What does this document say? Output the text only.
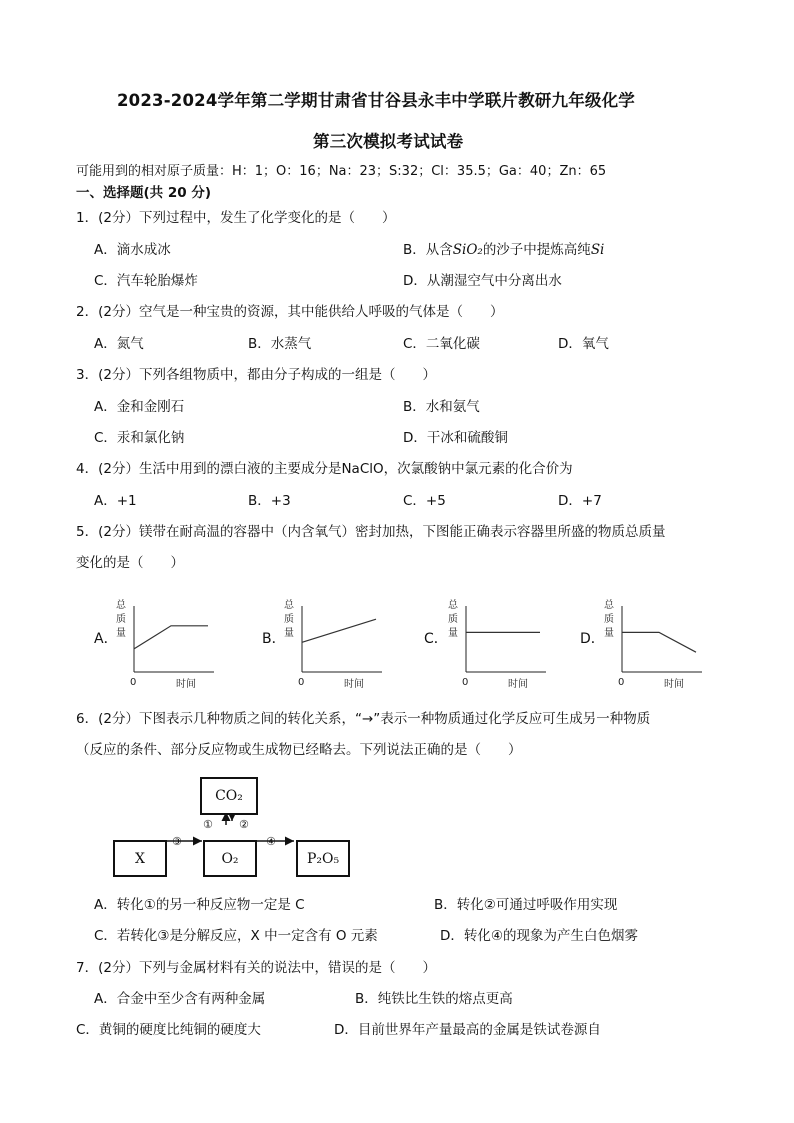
2023-2024学年第二学期甘肃省甘谷县永丰中学联片教研九年级化学
第三次模拟考试试卷
可能用到的相对原子质量：H：1；O：16；Na：23；S:32；Cl：35.5；Ga：40；Zn：65
一、选择题(共 20 分)
1．(2分）下列过程中，发生了化学变化的是（　　）
A．滴水成冰	B．从含SiO₂的沙子中提炼高纯Si
C．汽车轮胎爆炸	D．从潮湿空气中分离出水
2．(2分）空气是一种宝贵的资源，其中能供给人呼吸的气体是（　　）
A．氮气	B．水蒸气	C．二氧化碳	D．氧气
3．(2分）下列各组物质中，都由分子构成的一组是（　　）
A．金和金刚石	B．水和氨气
C．汞和氯化钠	D．干冰和硫酸铜
4．(2分）生活中用到的漂白液的主要成分是NaClO，次氯酸钠中氯元素的化合价为
A．+1	B．+3	C．+5	D．+7
5．(2分）镁带在耐高温的容器中（内含氧气）密封加热，下图能正确表示容器里所盛的物质总质量
变化的是（　　）
A．
总
质
量
0	时间
B．
总
质
量
0	时间
C．
总
质
量
0	时间
D．
总
质
量
0	时间
6．(2分）下图表示几种物质之间的转化关系，“→”表示一种物质通过化学反应可生成另一种物质
（反应的条件、部分反应物或生成物已经略去。下列说法正确的是（　　）
CO₂
X	O₂	P₂O₅
① ②
③	④
A．转化①的另一种反应物一定是 C	B．转化②可通过呼吸作用实现
C．若转化③是分解反应，X 中一定含有 O 元素	D．转化④的现象为产生白色烟雾
7．(2分）下列与金属材料有关的说法中，错误的是（　　）
A．合金中至少含有两种金属	B．纯铁比生铁的熔点更高
C．黄铜的硬度比纯铜的硬度大	D．目前世界年产量最高的金属是铁试卷源自
